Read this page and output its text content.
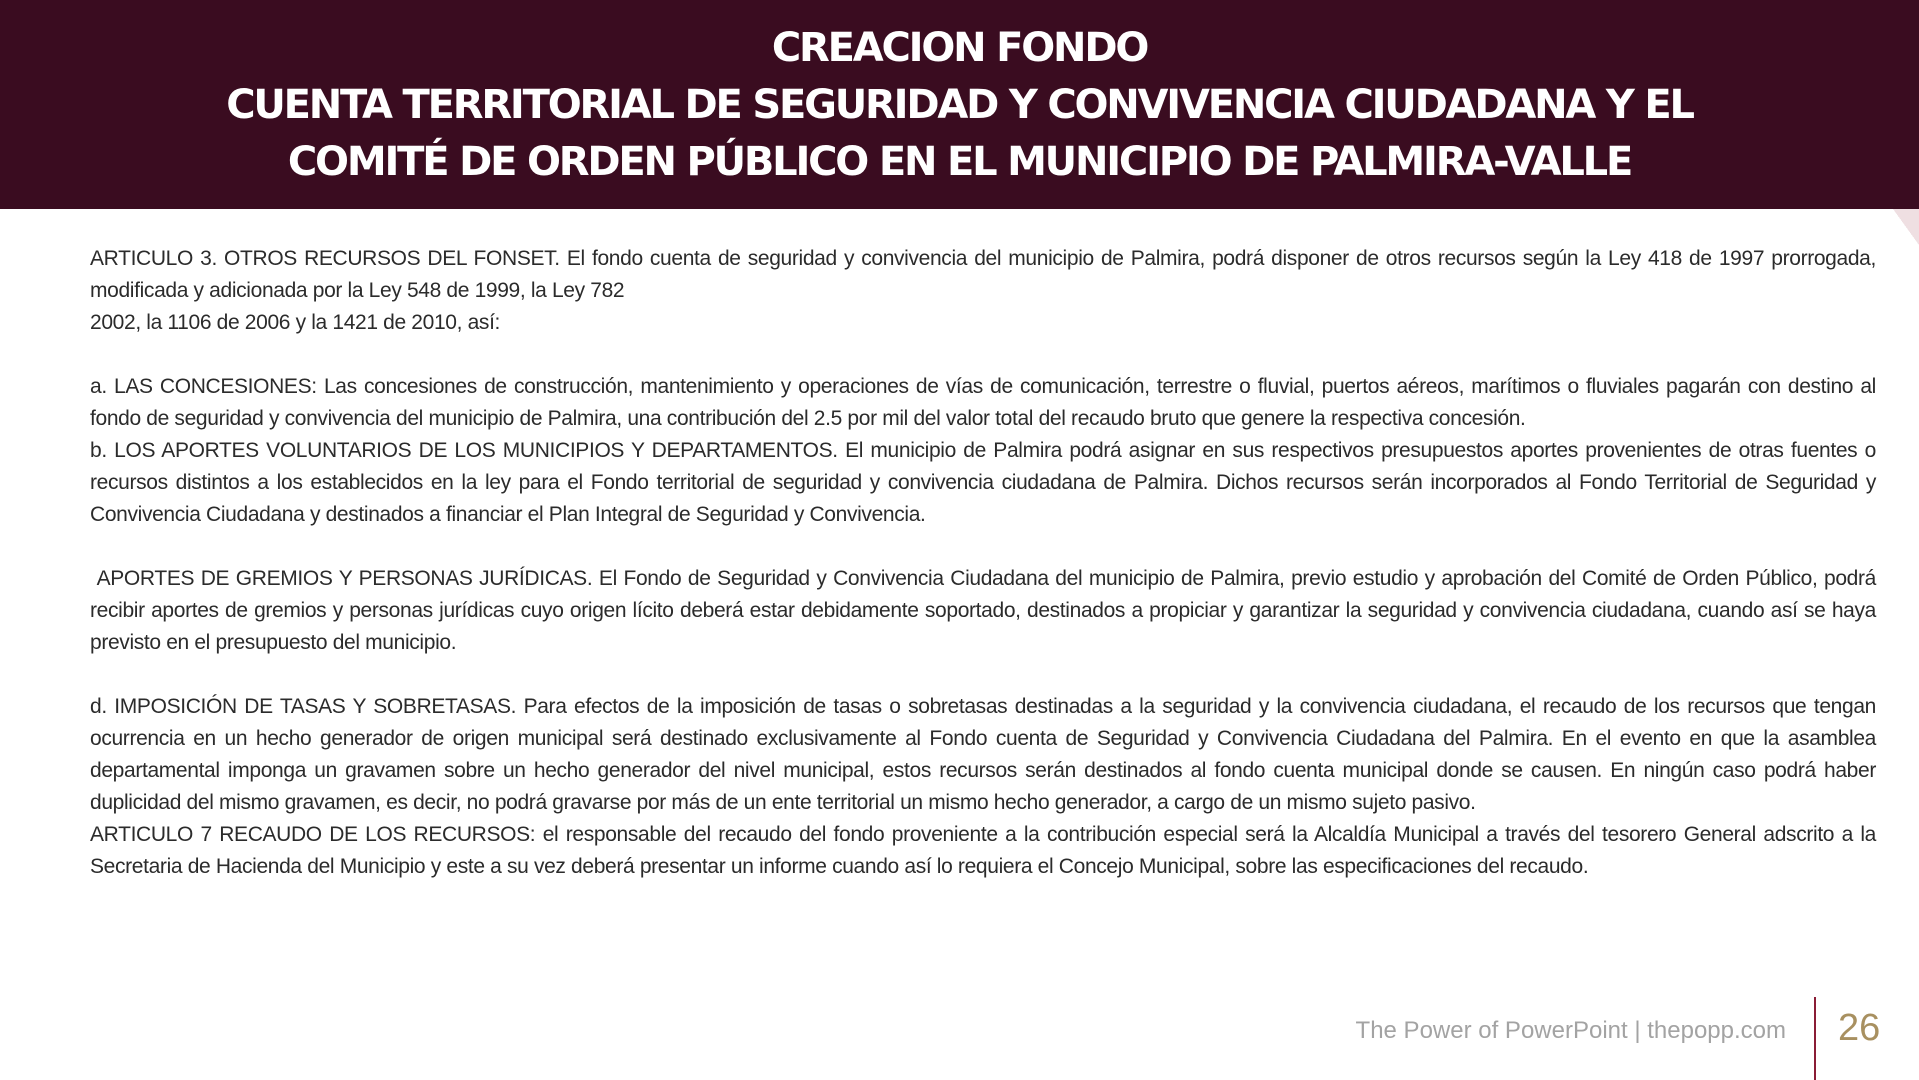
CREACION FONDO
CUENTA TERRITORIAL DE SEGURIDAD Y CONVIVENCIA CIUDADANA Y EL
COMITÉ DE ORDEN PÚBLICO EN EL MUNICIPIO DE PALMIRA-VALLE

ARTICULO 3. OTROS RECURSOS DEL FONSET. El fondo cuenta de seguridad y convivencia del municipio de Palmira, podrá disponer de otros recursos según la Ley 418 de 1997 prorrogada, modificada y adicionada por la Ley 548 de 1999, la Ley 782

2002, la 1106 de 2006 y la 1421 de 2010, así:

a. LAS CONCESIONES: Las concesiones de construcción, mantenimiento y operaciones de vías de comunicación, terrestre o fluvial, puertos aéreos, marítimos o fluviales pagarán con destino al fondo de seguridad y convivencia del municipio de Palmira, una contribución del 2.5 por mil del valor total del recaudo bruto que genere la respectiva concesión.

b. LOS APORTES VOLUNTARIOS DE LOS MUNICIPIOS Y DEPARTAMENTOS. El municipio de Palmira podrá asignar en sus respectivos presupuestos aportes provenientes de otras fuentes o recursos distintos a los establecidos en la ley para el Fondo territorial de seguridad y convivencia ciudadana de Palmira. Dichos recursos serán incorporados al Fondo Territorial de Seguridad y Convivencia Ciudadana y destinados a financiar el Plan Integral de Seguridad y Convivencia.

APORTES DE GREMIOS Y PERSONAS JURÍDICAS. El Fondo de Seguridad y Convivencia Ciudadana del municipio de Palmira, previo estudio y aprobación del Comité de Orden Público, podrá recibir aportes de gremios y personas jurídicas cuyo origen lícito deberá estar debidamente soportado, destinados a propiciar y garantizar la seguridad y convivencia ciudadana, cuando así se haya previsto en el presupuesto del municipio.

d. IMPOSICIÓN DE TASAS Y SOBRETASAS. Para efectos de la imposición de tasas o sobretasas destinadas a la seguridad y la convivencia ciudadana, el recaudo de los recursos que tengan ocurrencia en un hecho generador de origen municipal será destinado exclusivamente al Fondo cuenta de Seguridad y Convivencia Ciudadana del Palmira. En el evento en que la asamblea departamental imponga un gravamen sobre un hecho generador del nivel municipal, estos recursos serán destinados al fondo cuenta municipal donde se causen. En ningún caso podrá haber duplicidad del mismo gravamen, es decir, no podrá gravarse por más de un ente territorial un mismo hecho generador, a cargo de un mismo sujeto pasivo.

ARTICULO 7 RECAUDO DE LOS RECURSOS: el responsable del recaudo del fondo proveniente a la contribución especial será la Alcaldía Municipal a través del tesorero General adscrito a la Secretaria de Hacienda del Municipio y este a su vez deberá presentar un informe cuando así lo requiera el Concejo Municipal, sobre las especificaciones del recaudo.

The Power of PowerPoint | thepopp.com 26
